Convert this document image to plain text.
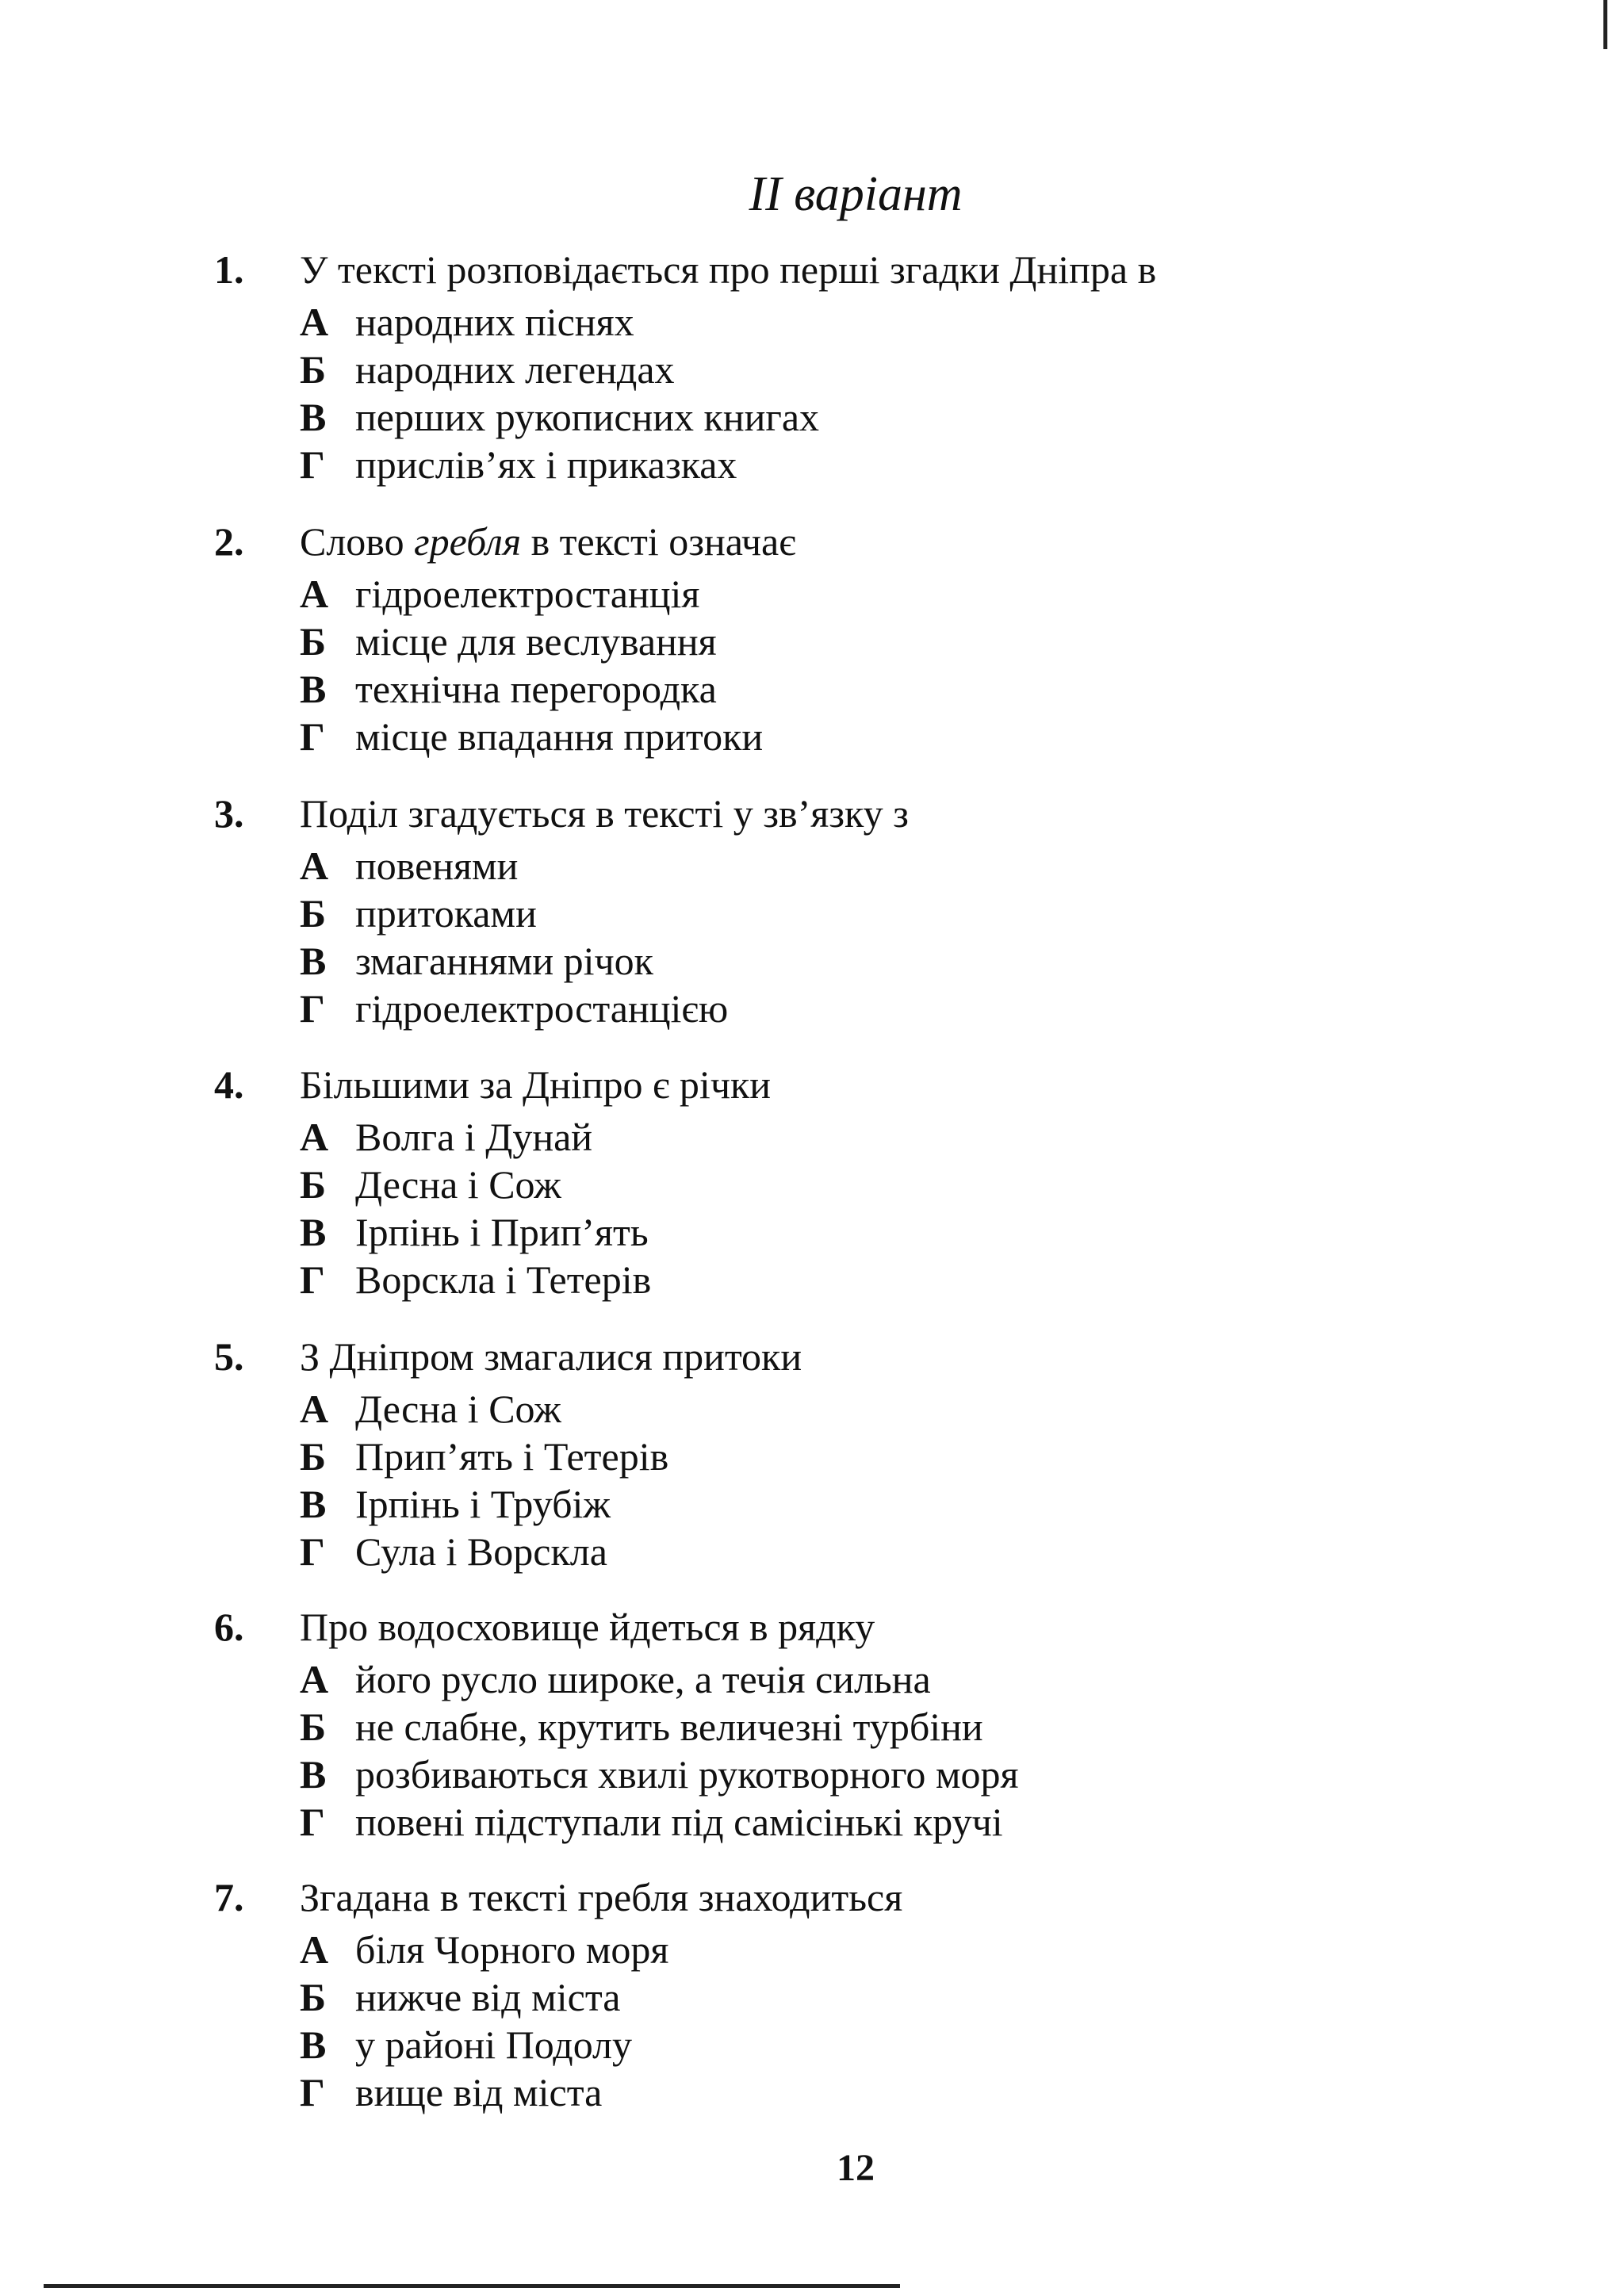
II варіант
1.	У тексті розповідається про перші згадки Дніпра в
А народних піснях
Б народних легендах
В перших рукописних книгах
Г прислів’ях і приказках
2.	Слово гребля в тексті означає
А гідроелектростанція
Б місце для веслування
В технічна перегородка
Г місце впадання притоки
3.	Поділ згадується в тексті у зв’язку з
А повенями
Б притоками
В змаганнями річок
Г гідроелектростанцією
4.	Більшими за Дніпро є річки
А Волга і Дунай
Б Десна і Сож
В Ірпінь і Прип’ять
Г Ворскла і Тетерів
5.	З Дніпром змагалися притоки
А Десна і Сож
Б Прип’ять і Тетерів
В Ірпінь і Трубіж
Г Сула і Ворскла
6.	Про водосховище йдеться в рядку
А його русло широке, а течія сильна
Б не слабне, крутить величезні турбіни
В розбиваються хвилі рукотворного моря
Г повені підступали під самісінькі кручі
7.	Згадана в тексті гребля знаходиться
А біля Чорного моря
Б нижче від міста
В у районі Подолу
Г вище від міста
12
